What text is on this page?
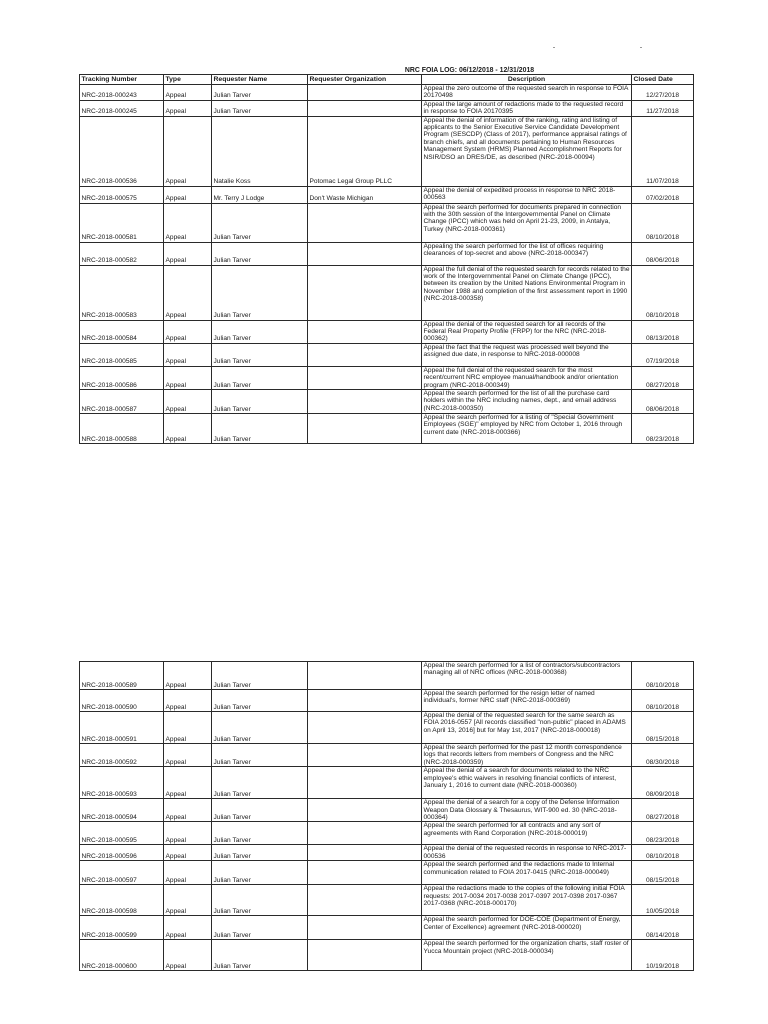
			NRC FOIA LOG: 06/12/2018 - 12/31/2018		
Tracking Number	Type	Requester Name	Requester Organization	Description	Closed Date
NRC-2018-000243	Appeal	Julian Tarver		Appeal the zero outcome of the requested search in response to FOIA 20170498	12/27/2018
NRC-2018-000245	Appeal	Julian Tarver		Appeal the large amount of redactions made to the requested record in response to FOIA 20170395	11/27/2018
NRC-2018-000536	Appeal	Natalie Koss	Potomac Legal Group PLLC	Appeal the denial of information of the ranking, rating and listing of applicants to the Senior Executive Service Candidate Development Program (SESCDP) (Class of 2017), performance appraisal ratings of branch chiefs, and all documents pertaining to Human Resources Management System (HRMS) Planned Accomplishment Reports for NSIR/DSO an DRES/DE, as described (NRC-2018-00094)	11/07/2018
NRC-2018-000575	Appeal	Mr. Terry J Lodge	Don't Waste Michigan	Appeal the denial of expedited process in response to NRC 2018-000563	07/02/2018
NRC-2018-000581	Appeal	Julian Tarver		Appeal the search performed for documents prepared in connection with the 30th session of the Intergovernmental Panel on Climate Change (IPCC) which was held on April 21-23, 2009, in Antalya, Turkey (NRC-2018-000361)	08/10/2018
NRC-2018-000582	Appeal	Julian Tarver		Appealing the search performed for the list of offices requiring clearances of top-secret and above (NRC-2018-000347)	08/06/2018
NRC-2018-000583	Appeal	Julian Tarver		Appeal the full denial of the requested search for records related to the work of the Intergovernmental Panel on Climate Change (IPCC), between its creation by the United Nations Environmental Program in November 1988 and completion of the first assessment report in 1990 (NRC-2018-000358)	08/10/2018
NRC-2018-000584	Appeal	Julian Tarver		Appeal the denial of the requested search for all records of the Federal Real Property Profile (FRPP) for the NRC (NRC-2018-000362)	08/13/2018
NRC-2018-000585	Appeal	Julian Tarver		Appeal the fact that the request was processed well beyond the assigned due date, in response to NRC-2018-000008	07/19/2018
NRC-2018-000586	Appeal	Julian Tarver		Appeal the full denial of the requested search for the most recent/current NRC employee manual/handbook and/or orientation program (NRC-2018-000349)	08/27/2018
NRC-2018-000587	Appeal	Julian Tarver		Appeal the search performed for the list of all the purchase card holders within the NRC including names, dept., and email address (NRC-2018-000350)	08/06/2018
NRC-2018-000588	Appeal	Julian Tarver		Appeal the search performed for a listing of "Special Government Employees (SGE)" employed by NRC from October 1, 2016 through current date (NRC-2018-000366)	08/23/2018
NRC-2018-000589	Appeal	Julian Tarver		Appeal the search performed for a list of contractors/subcontractors managing all of NRC offices (NRC-2018-000368)	08/10/2018
NRC-2018-000590	Appeal	Julian Tarver		Appeal the search performed for the resign letter of named individual's, former NRC staff (NRC-2018-000369)	08/10/2018
NRC-2018-000591	Appeal	Julian Tarver		Appeal the denial of the requested search for the same search as FOIA 2016-0557 [All records classified "non-public" placed in ADAMS on April 13, 2016] but for May 1st, 2017 (NRC-2018-000018)	08/15/2018
NRC-2018-000592	Appeal	Julian Tarver		Appeal the search performed for the past 12 month correspondence logs that records letters from members of Congress and the NRC (NRC-2018-000359)	08/30/2018
NRC-2018-000593	Appeal	Julian Tarver		Appeal the denial of a search for documents related to the NRC employee's ethic waivers in resolving financial conflicts of interest, January 1, 2016 to current date (NRC-2018-000360)	08/09/2018
NRC-2018-000594	Appeal	Julian Tarver		Appeal the denial of a search for a copy of the Defense Information Weapon Data Glossary & Thesaurus, WIT-900 ed. 30 (NRC-2018-000364)	08/27/2018
NRC-2018-000595	Appeal	Julian Tarver		Appeal the search performed for all contracts and any sort of agreements with Rand Corporation (NRC-2018-000019)	08/23/2018
NRC-2018-000596	Appeal	Julian Tarver		Appeal the denial of the requested records in response to NRC-2017-000536	08/10/2018
NRC-2018-000597	Appeal	Julian Tarver		Appeal the search performed and the redactions made to Internal communication related to FOIA 2017-0415 (NRC-2018-000049)	08/15/2018
NRC-2018-000598	Appeal	Julian Tarver		Appeal the redactions made to the copies of the following initial FOIA requests: 2017-0034 2017-0038 2017-0397 2017-0398 2017-0367 2017-0368 (NRC-2018-000170)	10/05/2018
NRC-2018-000599	Appeal	Julian Tarver		Appeal the search performed for DOE-COE (Department of Energy, Center of Excellence) agreement (NRC-2018-000020)	08/14/2018
NRC-2018-000600	Appeal	Julian Tarver		Appeal the search performed for the organization charts, staff roster of Yucca Mountain project (NRC-2018-000034)	10/19/2018
